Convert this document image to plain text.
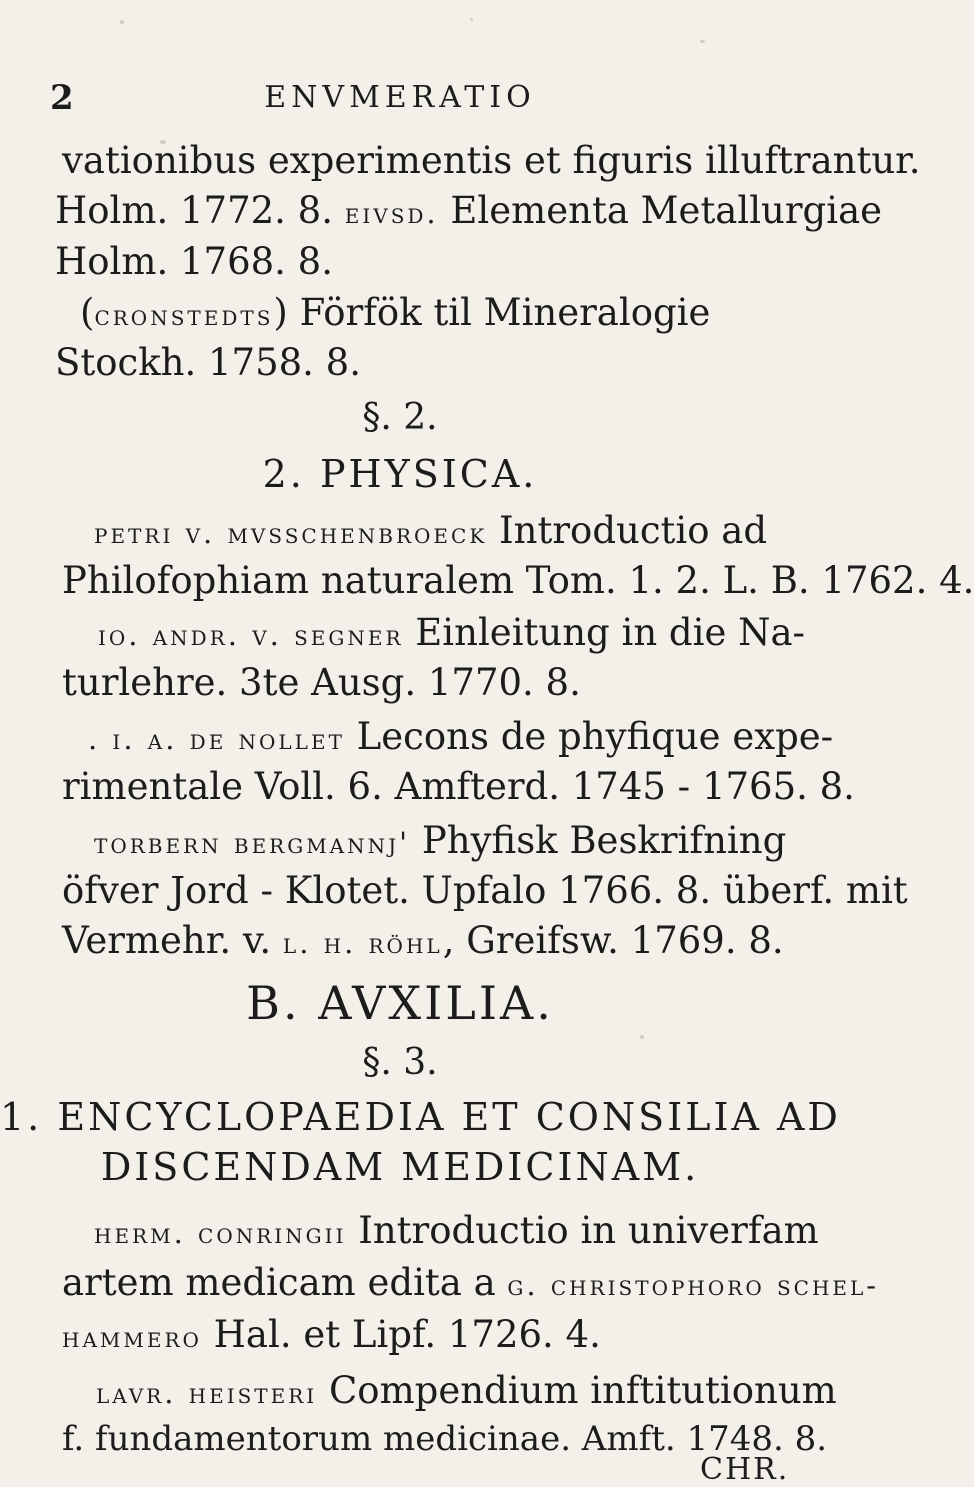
2	ENVMERATIO
vationibus experimentis et figuris illuftrantur.
Holm. 1772. 8. eivsd. Elementa Metallurgiae
Holm. 1768. 8.
(cronstedts) Förfök til Mineralogie
Stockh. 1758. 8.
§. 2.
2. PHYSICA.
petri v. mvsschenbroeck Introductio ad
Philofophiam naturalem Tom. 1. 2. L. B. 1762. 4.
io. andr. v. segner Einleitung in die Na-
turlehre. 3te Ausg. 1770. 8.
. i. a. de nollet Lecons de phyfique expe-
rimentale Voll. 6. Amfterd. 1745 - 1765. 8.
torbern bergmannj' Phyfisk Beskrifning
öfver Jord - Klotet. Upfalo 1766. 8. überf. mit
Vermehr. v. l. h. röhl, Greifsw. 1769. 8.
B. AVXILIA.
§. 3.
1. ENCYCLOPAEDIA ET CONSILIA AD
DISCENDAM MEDICINAM.
herm. conringii Introductio in univerfam
artem medicam edita a g. christophoro schel-
hammero Hal. et Lipf. 1726. 4.
lavr. heisteri Compendium inftitutionum
f. fundamentorum medicinae. Amft. 1748. 8.
CHR.
